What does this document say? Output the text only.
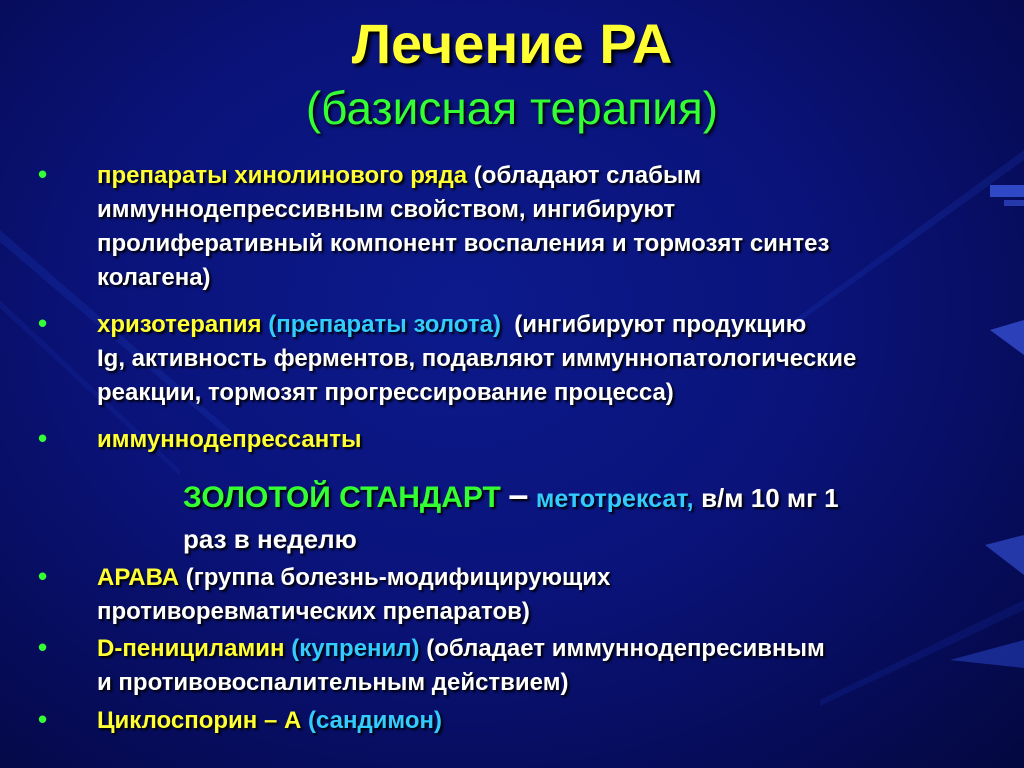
Лечение РА
(базисная терапия)
• препараты хинолинового ряда (обладают слабым
иммуннодепрессивным свойством, ингибируют
пролиферативный компонент воспаления и тормозят синтез
колагена)
• хризотерапия (препараты золота) (ингибируют продукцию
Ig, активность ферментов, подавляют иммуннопатологические
реакции, тормозят прогрессирование процесса)
• иммуннодепрессанты
ЗОЛОТОЙ СТАНДАРТ – метотрексат, в/м 10 мг 1
раз в неделю
• АРАВА (группа болезнь-модифицирующих
противоревматических препаратов)
• D-пенициламин (купренил) (обладает иммуннодепресивным
и противовоспалительным действием)
• Циклоспорин – А (сандимон)
